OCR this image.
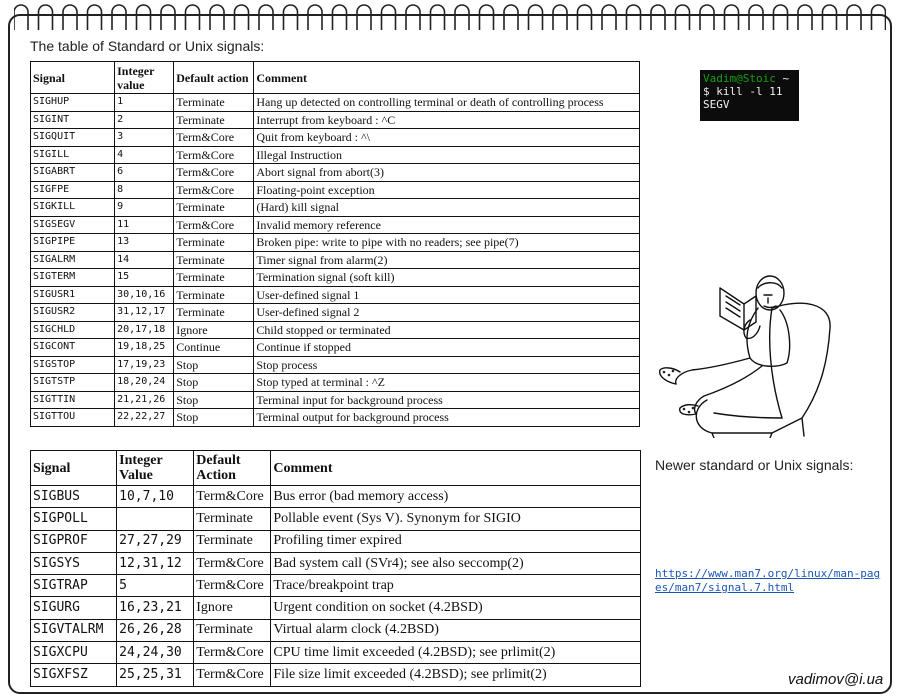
The table of Standard or Unix signals:
Signal	Integer value	Default action	Comment
SIGHUP	1	Terminate	Hang up detected on controlling terminal or death of controlling process
SIGINT	2	Terminate	Interrupt from keyboard : ^C
SIGQUIT	3	Term&Core	Quit from keyboard : ^\
SIGILL	4	Term&Core	Illegal Instruction
SIGABRT	6	Term&Core	Abort signal from abort(3)
SIGFPE	8	Term&Core	Floating-point exception
SIGKILL	9	Terminate	(Hard) kill signal
SIGSEGV	11	Term&Core	Invalid memory reference
SIGPIPE	13	Terminate	Broken pipe: write to pipe with no readers; see pipe(7)
SIGALRM	14	Terminate	Timer signal from alarm(2)
SIGTERM	15	Terminate	Termination signal (soft kill)
SIGUSR1	30,10,16	Terminate	User-defined signal 1
SIGUSR2	31,12,17	Terminate	User-defined signal 2
SIGCHLD	20,17,18	Ignore	Child stopped or terminated
SIGCONT	19,18,25	Continue	Continue if stopped
SIGSTOP	17,19,23	Stop	Stop process
SIGTSTP	18,20,24	Stop	Stop typed at terminal : ^Z
SIGTTIN	21,21,26	Stop	Terminal input for background process
SIGTTOU	22,22,27	Stop	Terminal output for background process
Vadim@Stoic ~
$ kill -l 11
SEGV
Signal	Integer Value	Default Action	Comment
SIGBUS	10,7,10	Term&Core	Bus error (bad memory access)
SIGPOLL		Terminate	Pollable event (Sys V). Synonym for SIGIO
SIGPROF	27,27,29	Terminate	Profiling timer expired
SIGSYS	12,31,12	Term&Core	Bad system call (SVr4); see also seccomp(2)
SIGTRAP	5	Term&Core	Trace/breakpoint trap
SIGURG	16,23,21	Ignore	Urgent condition on socket (4.2BSD)
SIGVTALRM	26,26,28	Terminate	Virtual alarm clock (4.2BSD)
SIGXCPU	24,24,30	Term&Core	CPU time limit exceeded (4.2BSD); see prlimit(2)
SIGXFSZ	25,25,31	Term&Core	File size limit exceeded (4.2BSD); see prlimit(2)
Newer standard or Unix signals:
https://www.man7.org/linux/man-pages/man7/signal.7.html
vadimov@i.ua
